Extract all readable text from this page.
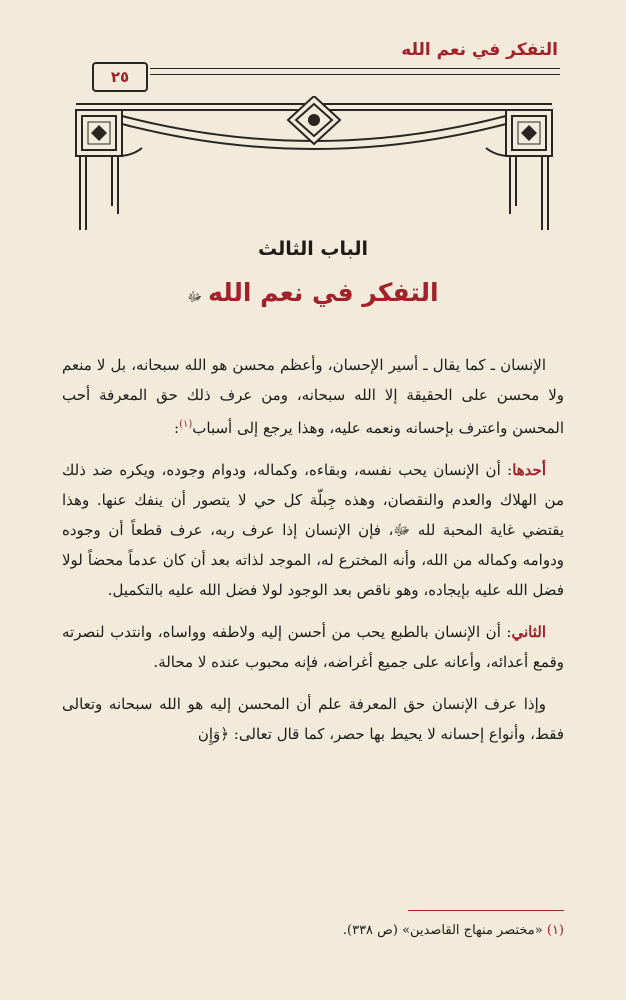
التفكر في نعم الله
٢٥
الباب الثالث
التفكر في نعم اللهﷻ

الإنسان ـ كما يقال ـ أسير الإحسان، وأعظم محسن هو الله سبحانه، بل لا منعم ولا محسن على الحقيقة إلا الله سبحانه، ومن عرف ذلك حق المعرفة أحب المحسن واعترف بإحسانه ونعمه عليه، وهذا يرجع إلى أسباب$^{(١)}$:

أحدها: أن الإنسان يحب نفسه، وبقاءه، وكماله، ودوام وجوده، ويكره ضد ذلك من الهلاك والعدم والنقصان، وهذه جِبلّة كل حي لا يتصور أن ينفك عنها. وهذا يقتضي غاية المحبة لله ﷻ، فإن الإنسان إذا عرف ربه، عرف قطعاً أن وجوده ودوامه وكماله من الله، وأنه المخترع له، الموجد لذاته بعد أن كان عدماً محضاً لولا فضل الله عليه بإيجاده، وهو ناقص بعد الوجود لولا فضل الله عليه بالتكميل.

الثاني: أن الإنسان بالطبع يحب من أحسن إليه ولاطفه وواساه، وانتدب لنصرته وقمع أعدائه، وأعانه على جميع أغراضه، فإنه محبوب عنده لا محالة.

وإذا عرف الإنسان حق المعرفة علم أن المحسن إليه هو الله سبحانه وتعالى فقط، وأنواع إحسانه لا يحيط بها حصر، كما قال تعالى: ﴿وَإِن

(١) «مختصر منهاج القاصدين» (ص ٣٣٨).
